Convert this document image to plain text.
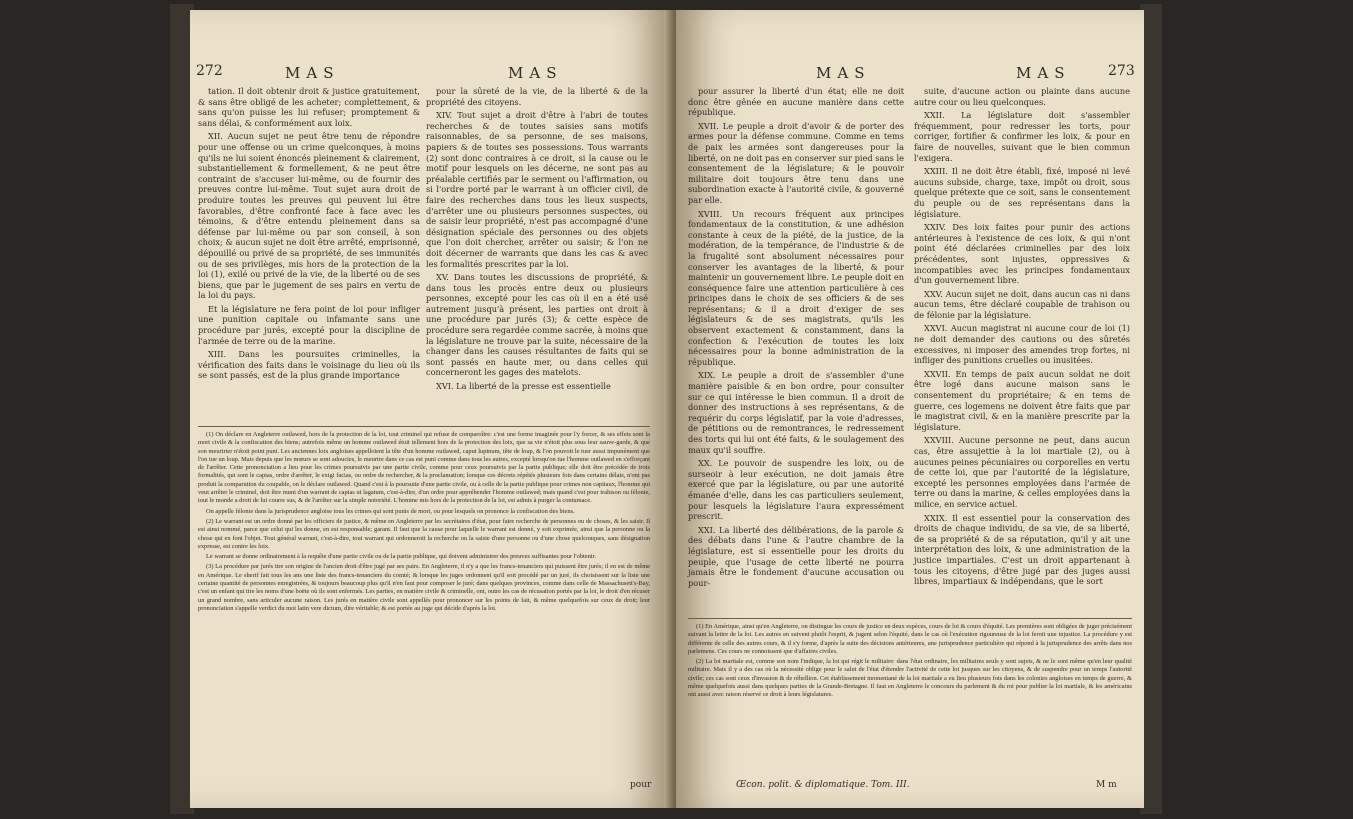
272	MAS	MAS

tation. Il doit obtenir droit & justice gratuitement, & sans être obligé de les acheter; complettement, & sans qu'on puisse les lui refuser; promptement & sans délai, & conformément aux loix.

XII. Aucun sujet ne peut être tenu de répondre pour une offense ou un crime quelconques, à moins qu'ils ne lui soient énoncés pleinement & clairement, substantiellement & formellement, & ne peut être contraint de s'accuser lui-même, ou de fournir des preuves contre lui-même. Tout sujet aura droit de produire toutes les preuves qui peuvent lui être favorables, d'être confronté face à face avec les témoins, & d'être entendu pleinement dans sa défense par lui-même ou par son conseil, à son choix; & aucun sujet ne doit être arrêté, emprisonné, dépouillé ou privé de sa propriété, de ses immunités ou de ses privilèges, mis hors de la protection de la loi (1), exilé ou privé de la vie, de la liberté ou de ses biens, que par le jugement de ses pairs en vertu de la loi du pays.

Et la législature ne fera point de loi pour infliger une punition capitale ou infamante sans une procédure par jurés, excepté pour la discipline de l'armée de terre ou de la marine.

XIII. Dans les poursuites criminelles, la vérification des faits dans le voisinage du lieu où ils se sont passés, est de la plus grande importance

pour la sûreté de la vie, de la liberté & de la propriété des citoyens.

XIV. Tout sujet a droit d'être à l'abri de toutes recherches & de toutes saisies sans motifs raisonnables, de sa personne, de ses maisons, papiers & de toutes ses possessions. Tous warrants (2) sont donc contraires à ce droit, si la cause ou le motif pour lesquels on les décerne, ne sont pas au préalable certifiés par le serment ou l'affirmation, ou si l'ordre porté par le warrant à un officier civil, de faire des recherches dans tous les lieux suspects, d'arrêter une ou plusieurs personnes suspectes, ou de saisir leur propriété, n'est pas accompagné d'une désignation spéciale des personnes ou des objets que l'on doit chercher, arrêter ou saisir; & l'on ne doit décerner de warrants que dans les cas & avec les formalités prescrites par la loi.

XV. Dans toutes les discussions de propriété, & dans tous les procès entre deux ou plusieurs personnes, excepté pour les cas où il en a été usé autrement jusqu'à présent, les parties ont droit à une procédure par jurés (3); & cette espèce de procédure sera regardée comme sacrée, à moins que la législature ne trouve par la suite, nécessaire de la changer dans les causes résultantes de faits qui se sont passés en haute mer, ou dans celles qui concerneront les gages des matelots.

XVI. La liberté de la presse est essentielle

(1) On déclare en Angleterre outlawed, hors de la protection de la loi, tout criminel qui refuse de comparoître: c'est une forme imaginée pour l'y forcer, & ses effets sont la mort civile & la confiscation des biens; autrefois même un homme outlawed étoit tellement hors de la protection des loix, que sa vie n'étoit plus sous leur sauve-garde, & que son meurtrier n'étoit point puni. Les anciennes loix angloises appelloient la tête d'un homme outlawed, caput lupinum, tête de loup, & l'on pouvoit le tuer aussi impunément que l'on tue un loup. Mais depuis que les mœurs se sont adoucies, le meurtre dans ce cas est puni comme dans tous les autres, excepté lorsqu'on tue l'homme outlawed en s'efforçant de l'arrêter. Cette prononciation a lieu pour les crimes poursuivis par une partie civile, comme pour ceux poursuivis par la partie publique; elle doit être précédée de trois formalités, qui sont le capias, ordre d'arrêter, le exigi facias, ou ordre de rechercher, & la proclamation; lorsque ces décrets répétés plusieurs fois dans certains délais, n'ont pas produit la comparution du coupable, on le déclare outlawed. Quand c'est à la poursuite d'une partie civile, ou à celle de la partie publique pour crimes non capitaux, l'homme qui veut arrêter le criminel, doit être muni d'un warrant de capias ut lagatum, c'est-à-dire, d'un ordre pour appréhender l'homme outlawed; mais quand c'est pour trahison ou félonie, tout le monde a droit de lui courre sus, & de l'arrêter sur la simple notoriété. L'homme mis hors de la protection de la loi, est admis à purger la contumace.

On appelle félonie dans la jurisprudence angloise tous les crimes qui sont punis de mort, ou pour lesquels on prononce la confiscation des biens.

(2) Le warrant est un ordre donné par les officiers de justice, & même en Angleterre par les secrétaires d'état, pour faire recherche de personnes ou de choses, & les saisir. Il est ainsi nommé, parce que celui qui les donne, en est responsable; garant. Il faut que la cause pour laquelle le warrant est donné, y soit exprimée, ainsi que la personne ou la chose qui en font l'objet. Tout général warrant, c'est-à-dire, tout warrant qui ordonneroit la recherche ou la saisie d'une personne ou d'une chose quelconques, sans désignation expresse, est contre les loix.

Le warrant se donne ordinairement à la requête d'une partie civile ou de la partie publique, qui doivent administrer des preuves suffisantes pour l'obtenir.

(3) La procédure par jurés tire son origine de l'ancien droit d'être jugé par ses pairs. En Angleterre, il n'y a que les francs-tenanciers qui puissent être jurés; il en est de même en Amérique. Le sherif fait tous les ans une liste des francs-tenanciers du comté; & lorsque les juges ordonnent qu'il soit procédé par un juré, ils choisissent sur la liste une certaine quantité de personnes enregistrées, & toujours beaucoup plus qu'il n'en faut pour composer le juré; dans quelques provinces, comme dans celle de Massachusett's-Bay, c'est un enfant qui tire les noms d'une boëte où ils sont enfermés. Les parties, en matière civile & criminelle, ont, outre les cas de récusation portés par la loi, le droit d'en récuser un grand nombre, sans articuler aucune raison. Les jurés en matière civile sont appellés pour prononcer sur les points de fait, & même quelquefois sur ceux de droit; leur prononciation s'appelle verdict du mot latin vere dictum, dire véritable; & est portée au juge qui décide d'après la loi.

pour
MAS	MAS	273

pour assurer la liberté d'un état; elle ne doit donc être gênée en aucune manière dans cette république.

XVII. Le peuple a droit d'avoir & de porter des armes pour la défense commune. Comme en tems de paix les armées sont dangereuses pour la liberté, on ne doit pas en conserver sur pied sans le consentement de la législature; & le pouvoir militaire doit toujours être tenu dans une subordination exacte à l'autorité civile, & gouverné par elle.

XVIII. Un recours fréquent aux principes fondamentaux de la constitution, & une adhésion constante à ceux de la piété, de la justice, de la modération, de la tempérance, de l'industrie & de la frugalité sont absolument nécessaires pour conserver les avantages de la liberté, & pour maintenir un gouvernement libre. Le peuple doit en conséquence faire une attention particulière à ces principes dans le choix de ses officiers & de ses représentans; & il a droit d'exiger de ses législateurs & de ses magistrats, qu'ils les observent exactement & constamment, dans la confection & l'exécution de toutes les loix nécessaires pour la bonne administration de la république.

XIX. Le peuple a droit de s'assembler d'une manière paisible & en bon ordre, pour consulter sur ce qui intéresse le bien commun. Il a droit de donner des instructions à ses représentans, & de requérir du corps législatif, par la voie d'adresses, de pétitions ou de remontrances, le redressement des torts qui lui ont été faits, & le soulagement des maux qu'il souffre.

XX. Le pouvoir de suspendre les loix, ou de surseoir à leur exécution, ne doit jamais être exercé que par la législature, ou par une autorité émanée d'elle, dans les cas particuliers seulement, pour lesquels la législature l'aura expressément prescrit.

XXI. La liberté des délibérations, de la parole & des débats dans l'une & l'autre chambre de la législature, est si essentielle pour les droits du peuple, que l'usage de cette liberté ne pourra jamais être le fondement d'aucune accusation ou pour-

suite, d'aucune action ou plainte dans aucune autre cour ou lieu quelconques.

XXII. La législature doit s'assembler fréquemment, pour redresser les torts, pour corriger, fortifier & confirmer les loix, & pour en faire de nouvelles, suivant que le bien commun l'exigera.

XXIII. Il ne doit être établi, fixé, imposé ni levé aucuns subside, charge, taxe, impôt ou droit, sous quelque prétexte que ce soit, sans le consentement du peuple ou de ses représentans dans la législature.

XXIV. Des loix faites pour punir des actions antérieures à l'existence de ces loix, & qui n'ont point été déclarées criminelles par des loix précédentes, sont injustes, oppressives & incompatibles avec les principes fondamentaux d'un gouvernement libre.

XXV. Aucun sujet ne doit, dans aucun cas ni dans aucun tems, être déclaré coupable de trahison ou de félonie par la législature.

XXVI. Aucun magistrat ni aucune cour de loi (1) ne doit demander des cautions ou des sûretés excessives, ni imposer des amendes trop fortes, ni infliger des punitions cruelles ou inusitées.

XXVII. En temps de paix aucun soldat ne doit être logé dans aucune maison sans le consentement du propriétaire; & en tems de guerre, ces logemens ne doivent être faits que par le magistrat civil, & en la manière prescrite par la législature.

XXVIII. Aucune personne ne peut, dans aucun cas, être assujettie à la loi martiale (2), ou à aucunes peines pécuniaires ou corporelles en vertu de cette loi, que par l'autorité de la législature, excepté les personnes employées dans l'armée de terre ou dans la marine, & celles employées dans la milice, en service actuel.

XXIX. Il est essentiel pour la conservation des droits de chaque individu, de sa vie, de sa liberté, de sa propriété & de sa réputation, qu'il y ait une interprétation des loix, & une administration de la justice impartiales. C'est un droit appartenant à tous les citoyens, d'être jugé par des juges aussi libres, impartiaux & indépendans, que le sort

(1) En Amérique, ainsi qu'en Angleterre, on distingue les cours de justice en deux espèces, cours de loi & cours d'équité. Les premières sont obligées de juger précisément suivant la lettre de la loi. Les autres en suivent plutôt l'esprit, & jugent selon l'équité, dans le cas où l'exécution rigoureuse de la loi feroit une injustice. La procédure y est différente de celle des autres cours, & il s'y forme, d'après la suite des décisions antérieures, une jurisprudence particulière qui répond à la jurisprudence des arrêts dans nos parlemens. Ces cours ne connoissent que d'affaires civiles.

(2) La loi martiale est, comme son nom l'indique, la loi qui régit le militaire: dans l'état ordinaire, les militaires seuls y sont sujets, & ne le sont même qu'en leur qualité militaire. Mais il y a des cas où la nécessité oblige pour le salut de l'état d'étendre l'activité de cette loi jusques sur les citoyens, & de suspendre pour un temps l'autorité civile; ces cas sont ceux d'invasion & de rébellion. Cet établissement momentané de la loi martiale a eu lieu plusieurs fois dans les colonies angloises en temps de guerre, & même quelquefois aussi dans quelques parties de la Grande-Bretagne. Il faut en Angleterre le concours du parlement & du roi pour publier la loi martiale, & les américains ont aussi avec raison réservé ce droit à leurs législatures.

Œcon. polit. & diplomatique. Tom. III.	M m
